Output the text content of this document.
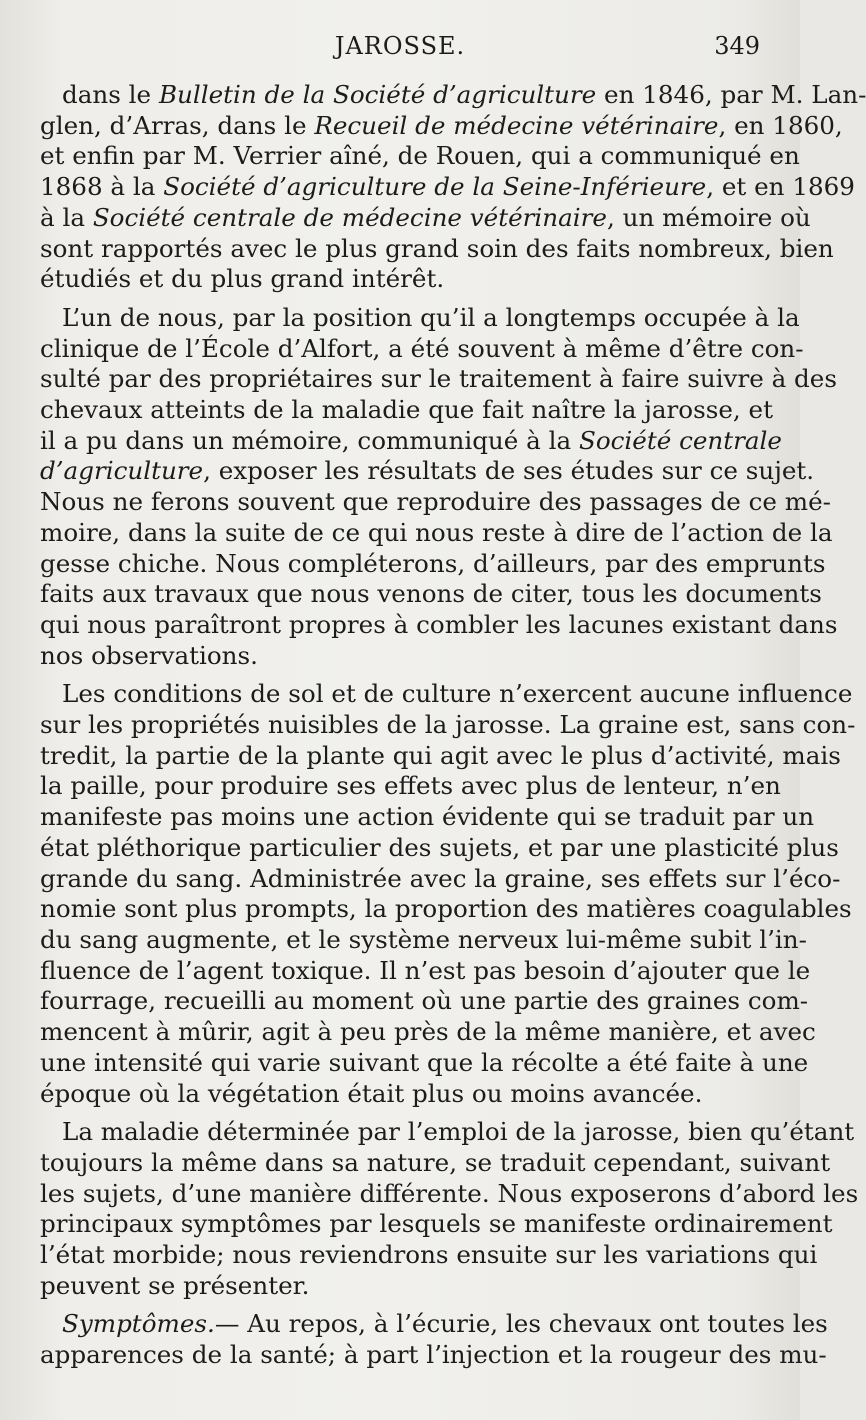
JAROSSE.	349
dans le Bulletin de la Société d’agriculture en 1846, par M. Lan-
glen, d’Arras, dans le Recueil de médecine vétérinaire, en 1860,
et enfin par M. Verrier aîné, de Rouen, qui a communiqué en
1868 à la Société d’agriculture de la Seine-Inférieure, et en 1869
à la Société centrale de médecine vétérinaire, un mémoire où
sont rapportés avec le plus grand soin des faits nombreux, bien
étudiés et du plus grand intérêt.
L’un de nous, par la position qu’il a longtemps occupée à la
clinique de l’École d’Alfort, a été souvent à même d’être con-
sulté par des propriétaires sur le traitement à faire suivre à des
chevaux atteints de la maladie que fait naître la jarosse, et
il a pu dans un mémoire, communiqué à la Société centrale
d’agriculture, exposer les résultats de ses études sur ce sujet.
Nous ne ferons souvent que reproduire des passages de ce mé-
moire, dans la suite de ce qui nous reste à dire de l’action de la
gesse chiche. Nous compléterons, d’ailleurs, par des emprunts
faits aux travaux que nous venons de citer, tous les documents
qui nous paraîtront propres à combler les lacunes existant dans
nos observations.
Les conditions de sol et de culture n’exercent aucune influence
sur les propriétés nuisibles de la jarosse. La graine est, sans con-
tredit, la partie de la plante qui agit avec le plus d’activité, mais
la paille, pour produire ses effets avec plus de lenteur, n’en
manifeste pas moins une action évidente qui se traduit par un
état pléthorique particulier des sujets, et par une plasticité plus
grande du sang. Administrée avec la graine, ses effets sur l’éco-
nomie sont plus prompts, la proportion des matières coagulables
du sang augmente, et le système nerveux lui-même subit l’in-
fluence de l’agent toxique. Il n’est pas besoin d’ajouter que le
fourrage, recueilli au moment où une partie des graines com-
mencent à mûrir, agit à peu près de la même manière, et avec
une intensité qui varie suivant que la récolte a été faite à une
époque où la végétation était plus ou moins avancée.
La maladie déterminée par l’emploi de la jarosse, bien qu’étant
toujours la même dans sa nature, se traduit cependant, suivant
les sujets, d’une manière différente. Nous exposerons d’abord les
principaux symptômes par lesquels se manifeste ordinairement
l’état morbide; nous reviendrons ensuite sur les variations qui
peuvent se présenter.
Symptômes.— Au repos, à l’écurie, les chevaux ont toutes les
apparences de la santé; à part l’injection et la rougeur des mu-
